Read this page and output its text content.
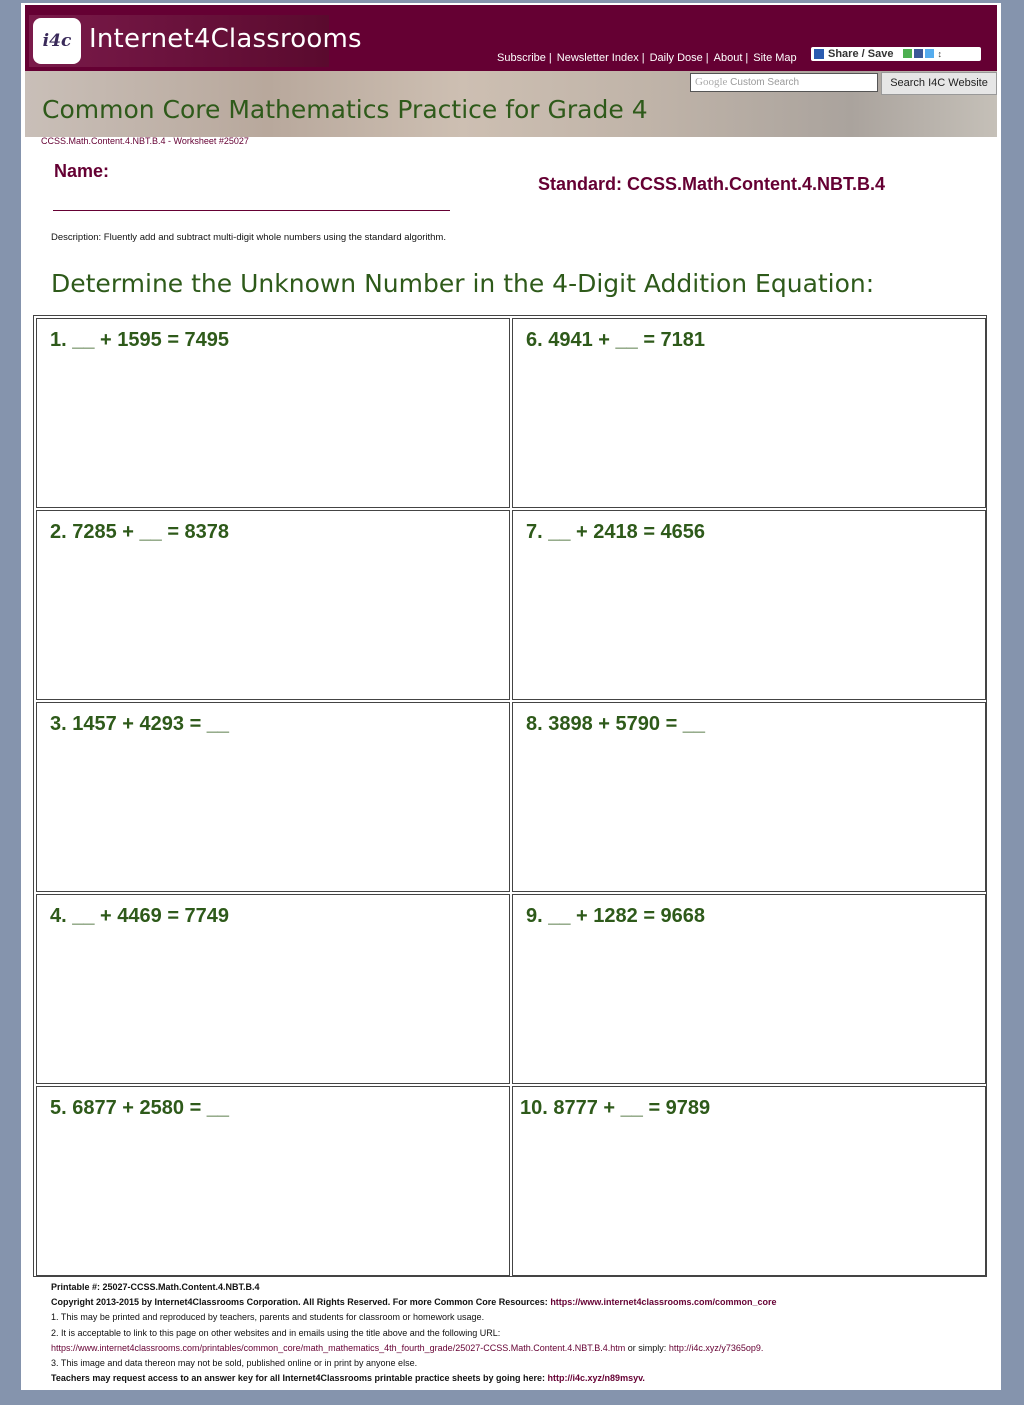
i4c Internet4Classrooms
Subscribe | Newsletter Index | Daily Dose | About | Site Map	Share / Save	↕
Google Custom Search	Search I4C Website
Common Core Mathematics Practice for Grade 4
CCSS.Math.Content.4.NBT.B.4 - Worksheet #25027
Name:
Standard: CCSS.Math.Content.4.NBT.B.4
Description: Fluently add and subtract multi-digit whole numbers using the standard algorithm.
Determine the Unknown Number in the 4-Digit Addition Equation:
1. __ + 1595 = 7495	6. 4941 + __ = 7181
2. 7285 + __ = 8378	7. __ + 2418 = 4656
3. 1457 + 4293 = __	8. 3898 + 5790 = __
4. __ + 4469 = 7749	9. __ + 1282 = 9668
5. 6877 + 2580 = __	10. 8777 + __ = 9789
Printable #: 25027-CCSS.Math.Content.4.NBT.B.4
Copyright 2013-2015 by Internet4Classrooms Corporation. All Rights Reserved. For more Common Core Resources: https://www.internet4classrooms.com/common_core
1. This may be printed and reproduced by teachers, parents and students for classroom or homework usage.
2. It is acceptable to link to this page on other websites and in emails using the title above and the following URL:
https://www.internet4classrooms.com/printables/common_core/math_mathematics_4th_fourth_grade/25027-CCSS.Math.Content.4.NBT.B.4.htm or simply: http://i4c.xyz/y7365op9.
3. This image and data thereon may not be sold, published online or in print by anyone else.
Teachers may request access to an answer key for all Internet4Classrooms printable practice sheets by going here: http://i4c.xyz/n89msyv.
